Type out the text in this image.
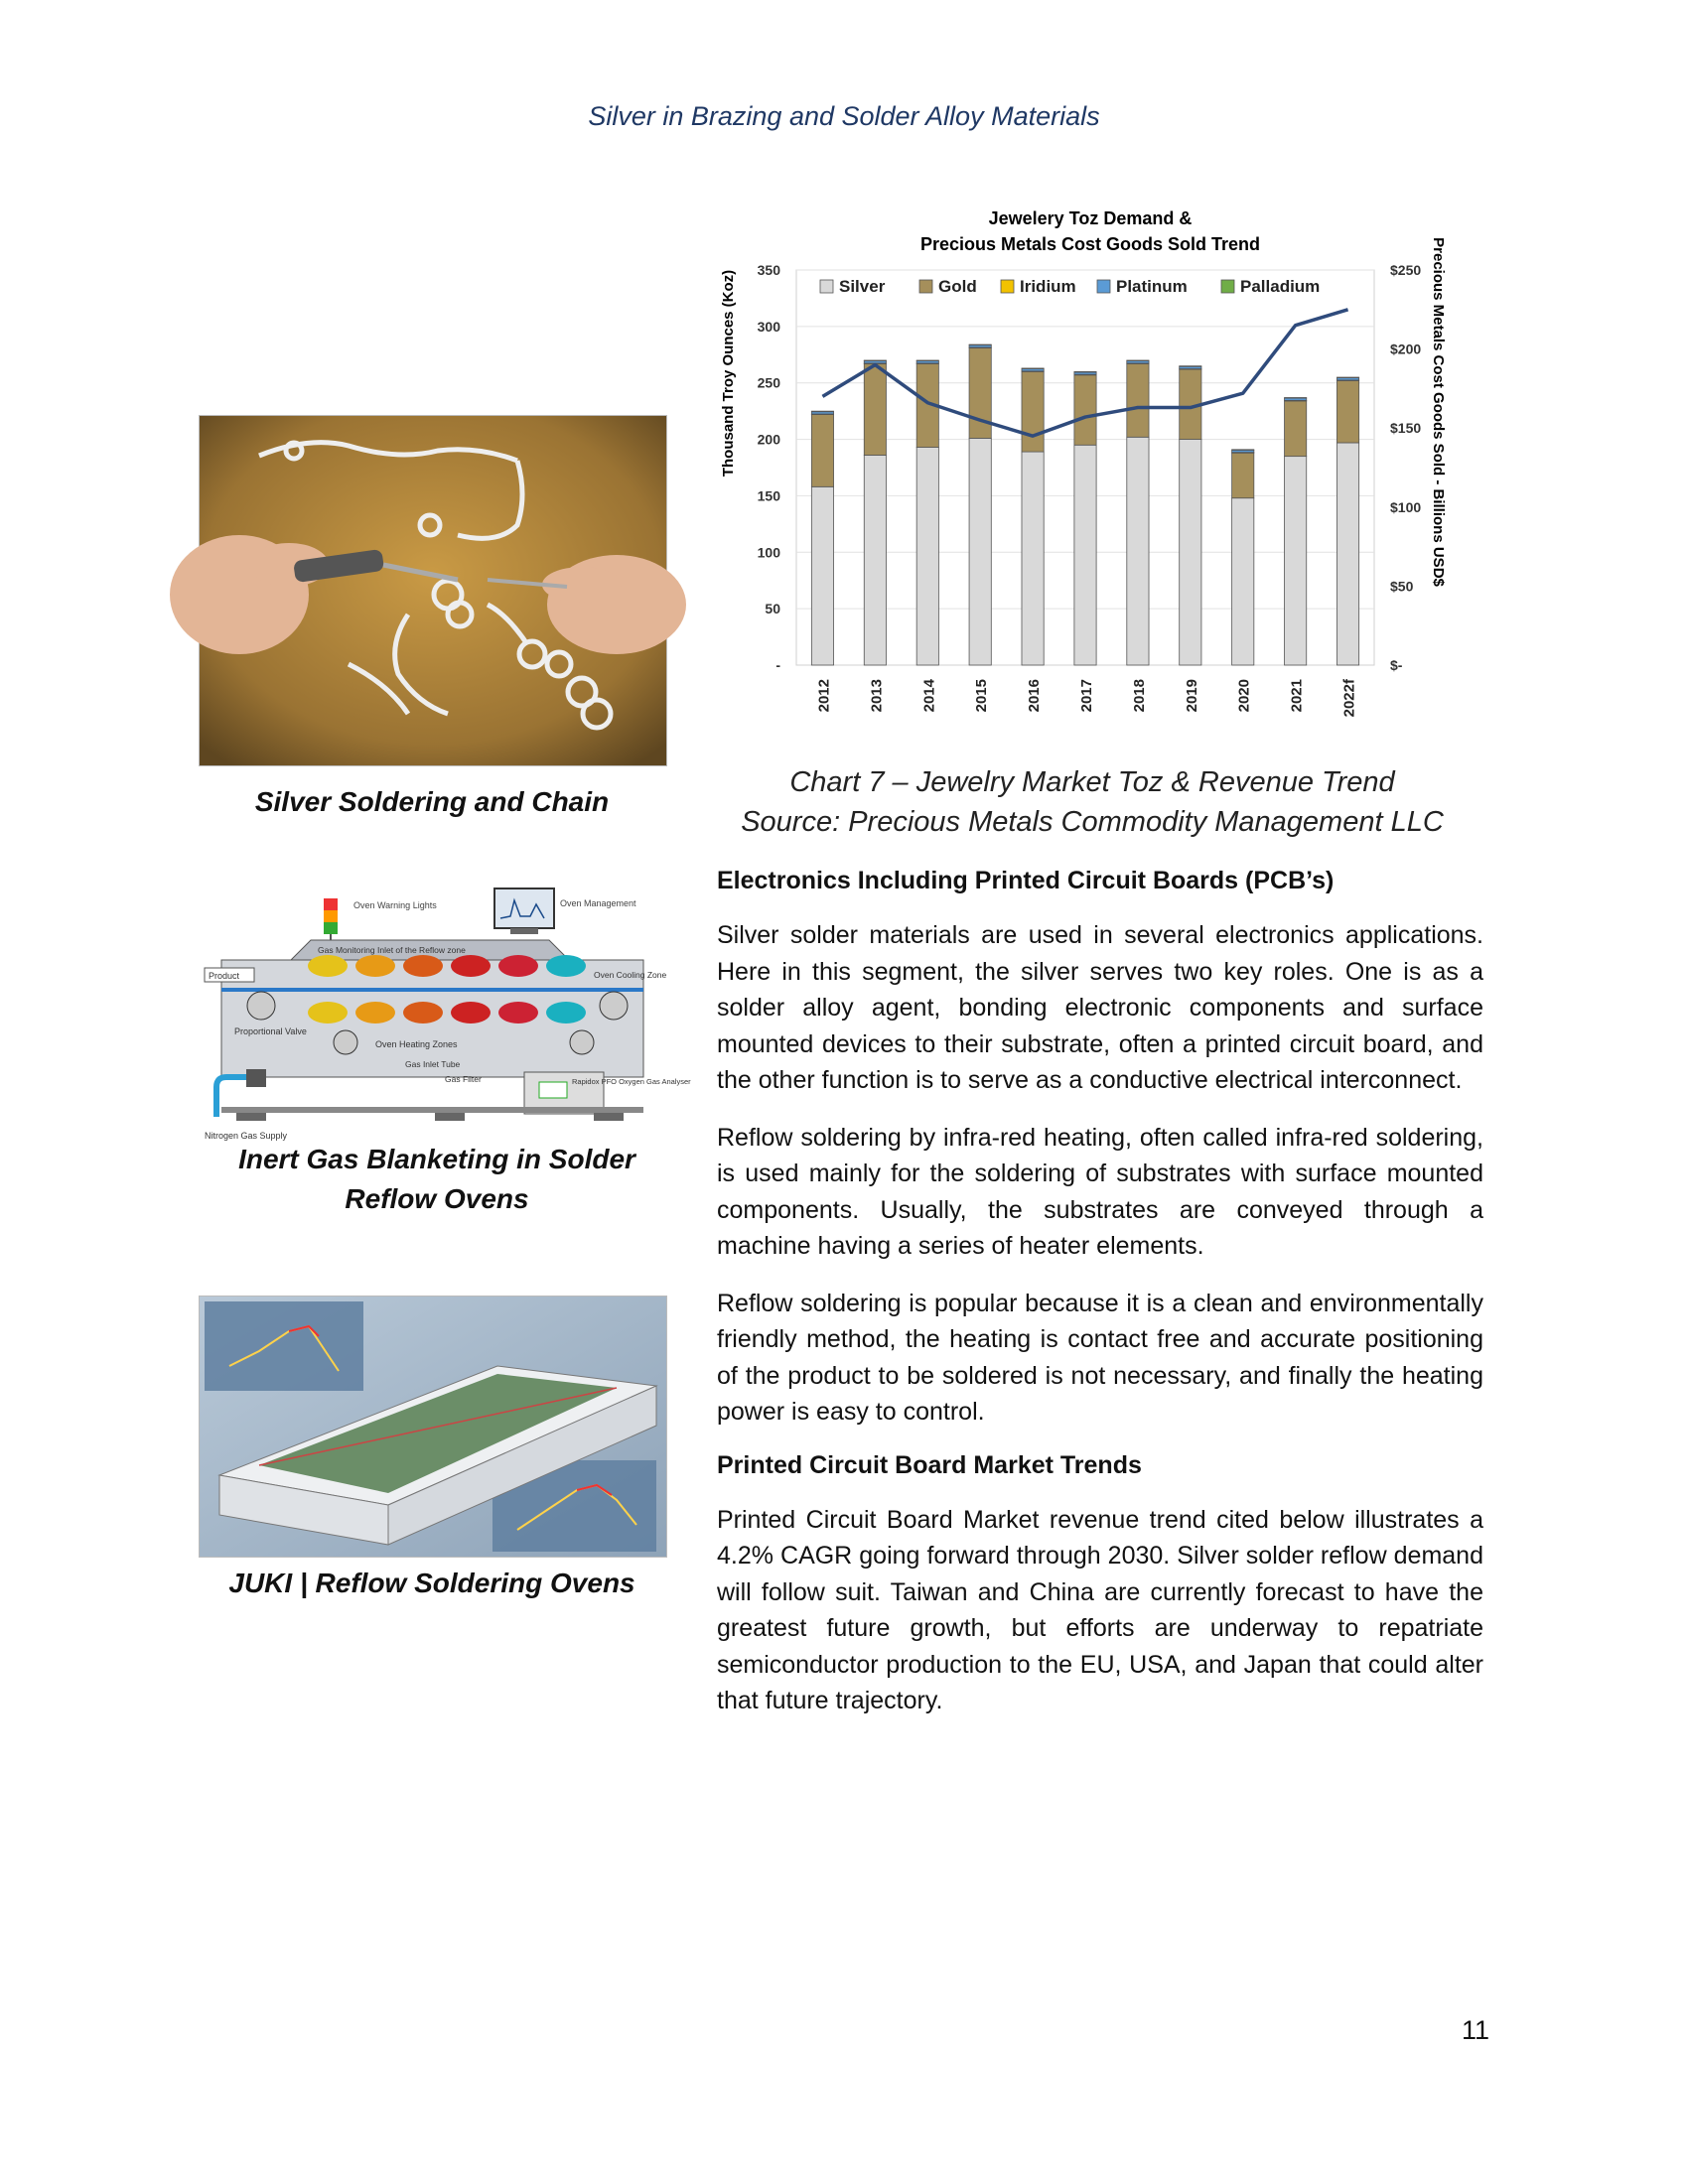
Silver in Brazing and Solder Alloy Materials
Silver Soldering and Chain
Oven Warning Lights	Oven Management
Gas Monitoring Inlet of the Reflow zone
Oven Cooling Zone
Product
Proportional Valve
Oven Heating Zones
Gas Inlet Tube
Gas Filter	Rapidox PFO Oxygen Gas Analyser
Nitrogen Gas Supply
Inert Gas Blanketing in Solder Reflow Ovens
JUKI | Reflow Soldering Ovens
Jewelery Toz Demand &
Precious Metals Cost Goods Sold Trend
-
50
100
150
200
250
300
350
$-
$50
$100
$150
$200
$250
2012 2013 2014 2015 2016 2017 2018 2019 2020 2021 2022f
Silver	Gold	Iridium Platinum	Palladium
Thousand Troy Ounces (Koz)	Precious Metals Cost Goods Sold - Billions USD$
Chart 7 – Jewelry Market Toz & Revenue Trend
Source: Precious Metals Commodity Management LLC
Electronics Including Printed Circuit Boards (PCB’s)

Silver solder materials are used in several electronics applications. Here in this segment, the silver serves two key roles. One is as a solder alloy agent, bonding electronic components and surface mounted devices to their substrate, often a printed circuit board, and the other function is to serve as a conductive electrical interconnect.

Reflow soldering by infra-red heating, often called infra-red soldering, is used mainly for the soldering of substrates with surface mounted components. Usually, the substrates are conveyed through a machine having a series of heater elements.

Reflow soldering is popular because it is a clean and environmentally friendly method, the heating is contact free and accurate positioning of the product to be soldered is not necessary, and finally the heating power is easy to control.

Printed Circuit Board Market Trends

Printed Circuit Board Market revenue trend cited below illustrates a 4.2% CAGR going forward through 2030. Silver solder reflow demand will follow suit. Taiwan and China are currently forecast to have the greatest future growth, but efforts are underway to repatriate semiconductor production to the EU, USA, and Japan that could alter that future trajectory.

11
